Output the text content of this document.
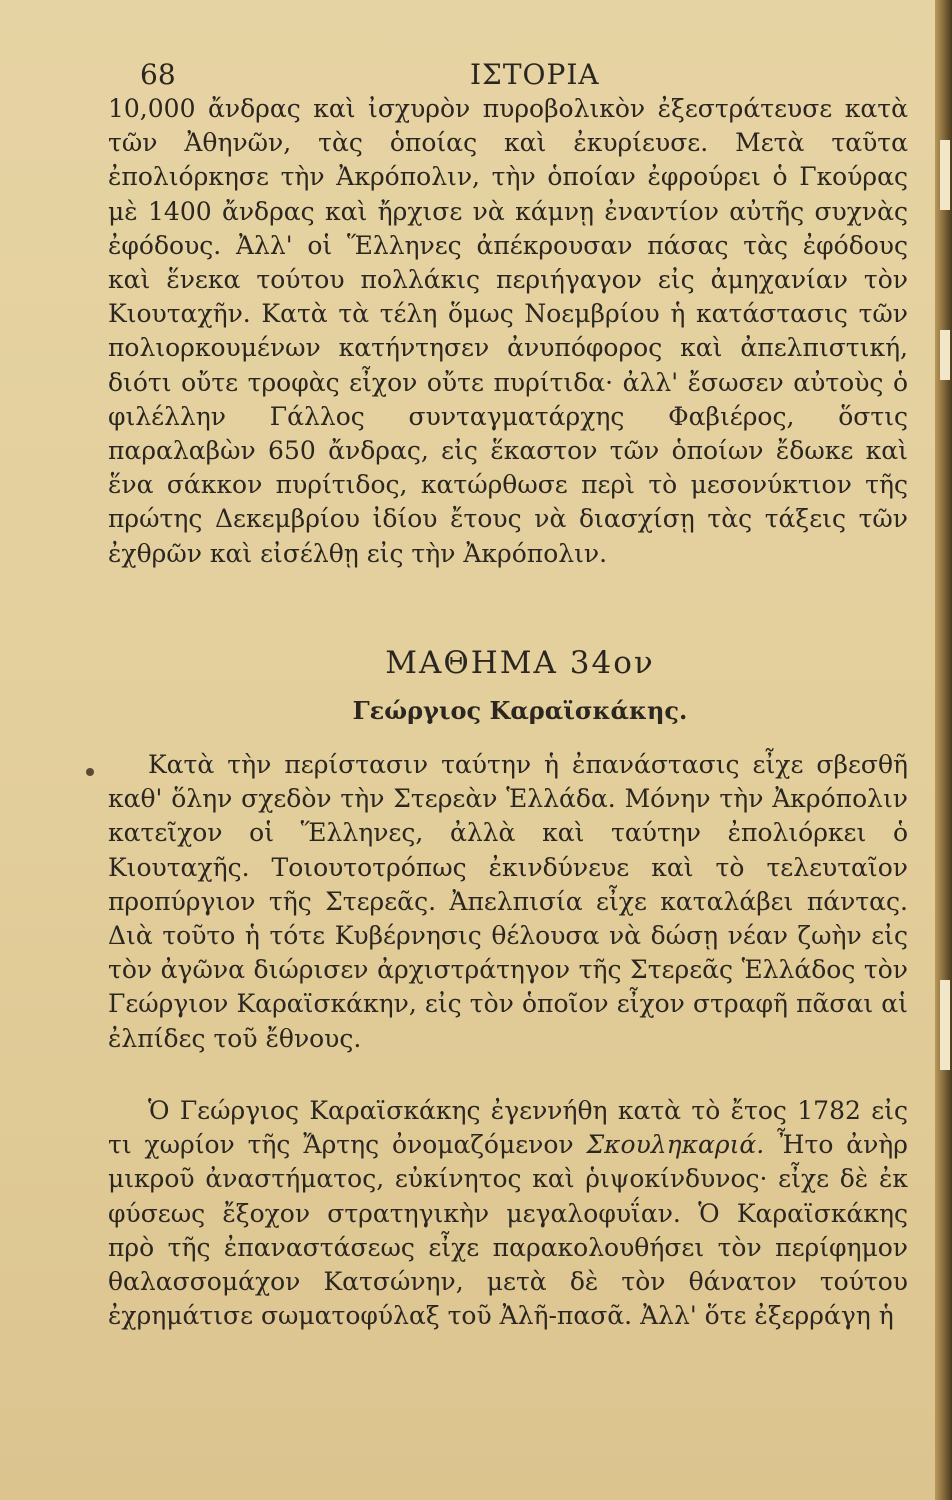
68	ΙΣΤΟΡΙΑ

10,000 ἄνδρας καὶ ἰσχυρὸν πυροβολικὸν ἐξεστράτευσε κατὰ τῶν Ἀθηνῶν, τὰς ὁποίας καὶ ἐκυρίευσε. Μετὰ ταῦτα ἐπολιόρκησε τὴν Ἀκρόπολιν, τὴν ὁποίαν ἐφρούρει ὁ Γκούρας μὲ 1400 ἄνδρας καὶ ἤρχισε νὰ κάμνῃ ἐναντίον αὐτῆς συχνὰς ἐφόδους. Ἀλλ' οἱ Ἕλληνες ἀπέκρουσαν πάσας τὰς ἐφόδους καὶ ἕνεκα τούτου πολλάκις περιήγαγον εἰς ἀμηχανίαν τὸν Κιουταχῆν. Κατὰ τὰ τέλη ὅμως Νοεμβρίου ἡ κατάστασις τῶν πολιορκουμένων κατήντησεν ἀνυπόφορος καὶ ἀπελπιστική, διότι οὔτε τροφὰς εἶχον οὔτε πυρίτιδα· ἀλλ' ἔσωσεν αὐτοὺς ὁ φιλέλλην Γάλλος συνταγματάρχης Φαβιέρος, ὅστις παραλαβὼν 650 ἄνδρας, εἰς ἕκαστον τῶν ὁποίων ἔδωκε καὶ ἕνα σάκκον πυρίτιδος, κατώρθωσε περὶ τὸ μεσονύκτιον τῆς πρώτης Δεκεμβρίου ἰδίου ἔτους νὰ διασχίσῃ τὰς τάξεις τῶν ἐχθρῶν καὶ εἰσέλθῃ εἰς τὴν Ἀκρόπολιν.

ΜΑΘΗΜΑ 34ον
Γεώργιος Καραϊσκάκης.

Κατὰ τὴν περίστασιν ταύτην ἡ ἐπανάστασις εἶχε σβεσθῆ καθ' ὅλην σχεδὸν τὴν Στερεὰν Ἑλλάδα. Μόνην τὴν Ἀκρόπολιν κατεῖχον οἱ Ἕλληνες, ἀλλὰ καὶ ταύτην ἐπολιόρκει ὁ Κιουταχῆς. Τοιουτοτρόπως ἐκινδύνευε καὶ τὸ τελευταῖον προπύργιον τῆς Στερεᾶς. Ἀπελπισία εἶχε καταλάβει πάντας. Διὰ τοῦτο ἡ τότε Κυβέρνησις θέλουσα νὰ δώσῃ νέαν ζωὴν εἰς τὸν ἀγῶνα διώρισεν ἀρχιστράτηγον τῆς Στερεᾶς Ἑλλάδος τὸν Γεώργιον Καραϊσκάκην, εἰς τὸν ὁποῖον εἶχον στραφῆ πᾶσαι αἱ ἐλπίδες τοῦ ἔθνους.

Ὁ Γεώργιος Καραϊσκάκης ἐγεννήθη κατὰ τὸ ἔτος 1782 εἰς τι χωρίον τῆς Ἄρτης ὀνομαζόμενον Σκουληκαριά. Ἦτο ἀνὴρ μικροῦ ἀναστήματος, εὐκίνητος καὶ ῥιψοκίνδυνος· εἶχε δὲ ἐκ φύσεως ἔξοχον στρατηγικὴν μεγαλοφυΐαν. Ὁ Καραϊσκάκης πρὸ τῆς ἐπαναστάσεως εἶχε παρακολουθήσει τὸν περίφημον θαλασσομάχον Κατσώνην, μετὰ δὲ τὸν θάνατον τούτου ἐχρημάτισε σωματοφύλαξ τοῦ Ἀλῆ-πασᾶ. Ἀλλ' ὅτε ἐξερράγη ἡ
